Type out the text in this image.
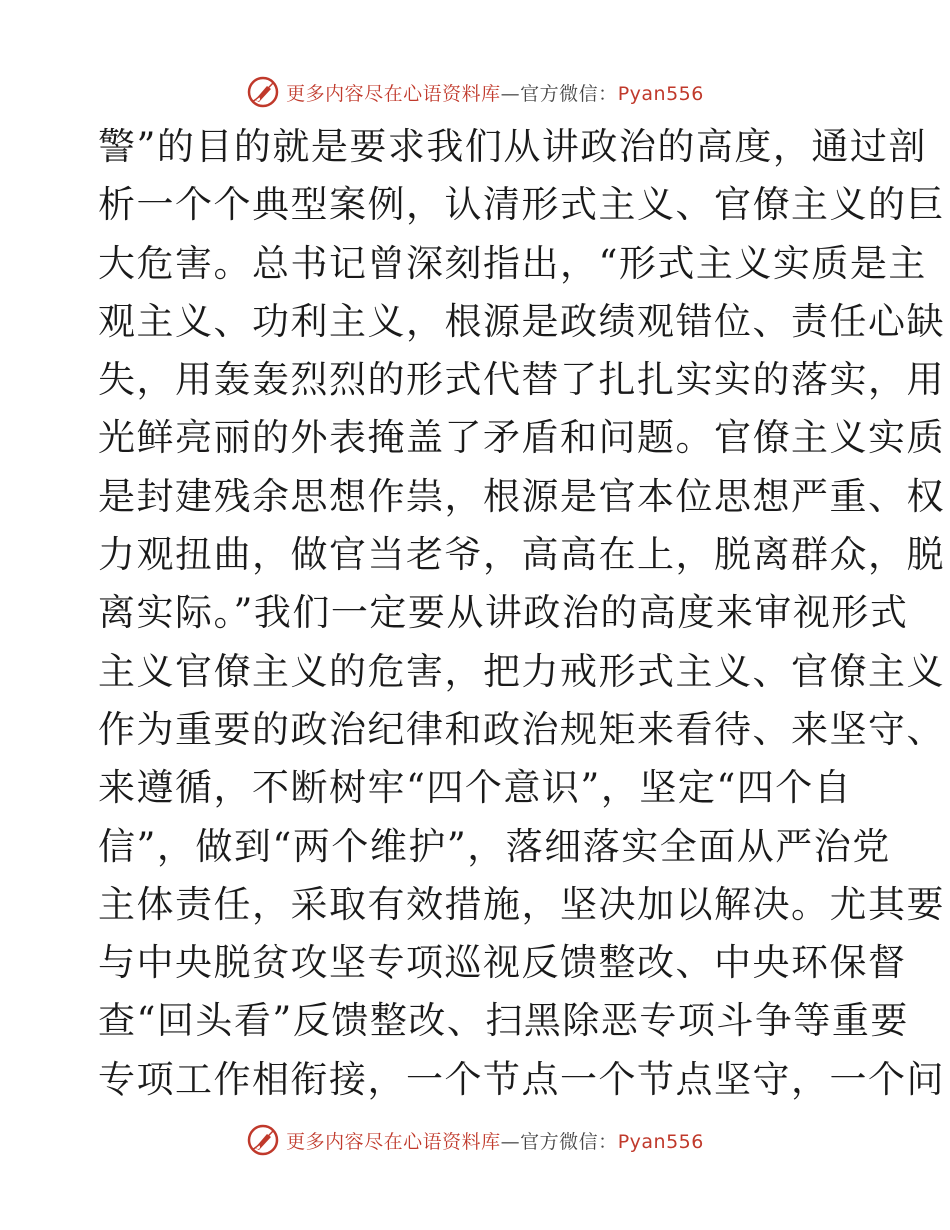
更多内容尽在心语资料库—官方微信：Pyan556
警”的目的就是要求我们从讲政治的高度，通过剖
析一个个典型案例，认清形式主义、官僚主义的巨
大危害。总书记曾深刻指出，“形式主义实质是主
观主义、功利主义，根源是政绩观错位、责任心缺
失，用轰轰烈烈的形式代替了扎扎实实的落实，用
光鲜亮丽的外表掩盖了矛盾和问题。官僚主义实质
是封建残余思想作祟，根源是官本位思想严重、权
力观扭曲，做官当老爷，高高在上，脱离群众，脱
离实际。”我们一定要从讲政治的高度来审视形式
主义官僚主义的危害，把力戒形式主义、官僚主义
作为重要的政治纪律和政治规矩来看待、来坚守、
来遵循，不断树牢“四个意识”，坚定“四个自
信”，做到“两个维护”，落细落实全面从严治党
主体责任，采取有效措施，坚决加以解决。尤其要
与中央脱贫攻坚专项巡视反馈整改、中央环保督
查“回头看”反馈整改、扫黑除恶专项斗争等重要
专项工作相衔接，一个节点一个节点坚守，一个问
更多内容尽在心语资料库—官方微信：Pyan556
